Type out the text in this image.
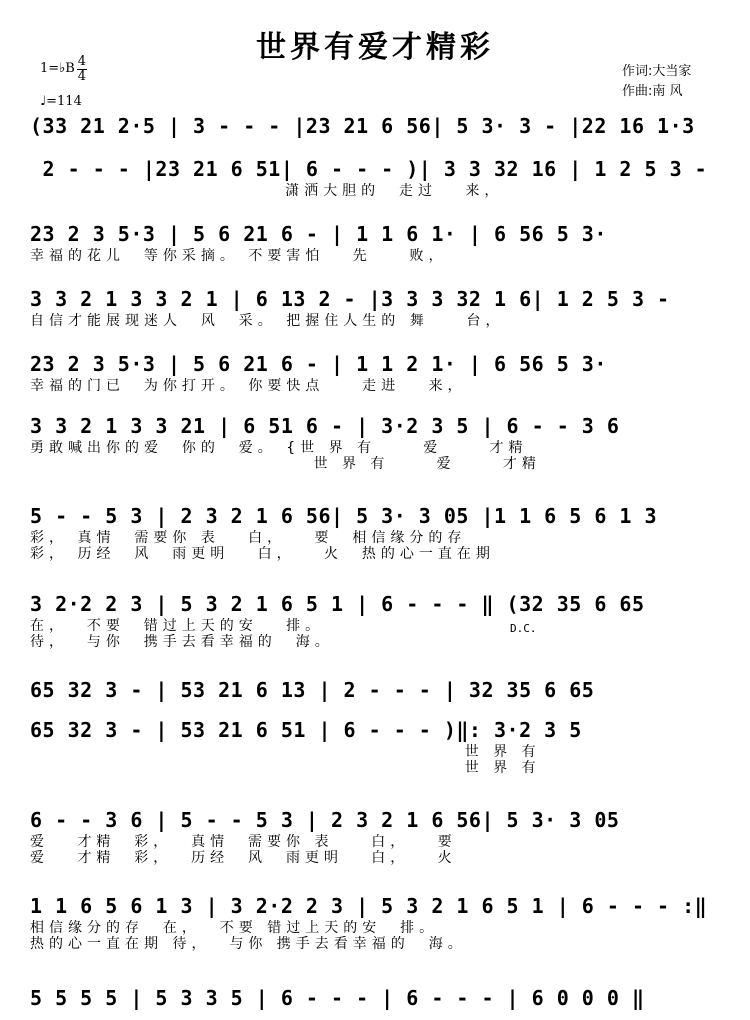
世界有爱才精彩
1=♭B 4
4
♩=114
作词:大当家
作曲:南 风
(33 21 2·5 | 3 - - - |23 21 6 56| 5 3· 3 - |22 16 1·3
2 - - - |23 21 6 51| 6 - - - )| 3 3 32 16 | 1 2 5 3 -
潇洒大胆的  走过   来，
23 2 3 5·3 | 5 6 21 6 - | 1 1 6 1· | 6 56 5 3·
幸福的花儿  等你采摘。 不要害怕   先    败，
3 3 2 1 3 3 2 1 | 6 13 2 - |3 3 3 32 1 6| 1 2 5 3 -
自信才能展现迷人  风  采。 把握住人生的 舞    台，
23 2 3 5·3 | 5 6 21 6 - | 1 1 2 1· | 6 56 5 3·
幸福的门已  为你打开。 你要快点    走进   来，
3 3 2 1 3 3 21 | 6 51 6 - | 3·2 3 5 | 6 - - 3 6
勇敢喊出你的爱  你的  爱。 {世 界 有     爱     才精
世 界 有     爱     才精
5 - - 5 3 | 2 3 2 1 6 56| 5 3· 3 05 |1 1 6 5 6 1 3
彩， 真情  需要你 表   白，   要  相信缘分的存
彩， 历经  风  雨更明   白，   火  热的心一直在期
3 2·2 2 3 | 5 3 2 1 6 5 1 | 6 - - - ‖ (32 35 6 65
在，  不要  错过上天的安   排。
待，  与你  携手去看幸福的  海。
D.C.
65 32 3 - | 53 21 6 13 | 2 - - - | 32 35 6 65
65 32 3 - | 53 21 6 51 | 6 - - - )‖: 3·2 3 5
世 界 有
世 界 有
6 - - 3 6 | 5 - - 5 3 | 2 3 2 1 6 56| 5 3· 3 05
爱   才精  彩，  真情  需要你 表    白，   要
爱   才精  彩，  历经  风  雨更明   白，   火
1 1 6 5 6 1 3 | 3 2·2 2 3 | 5 3 2 1 6 5 1 | 6 - - - :‖
相信缘分的存  在，  不要 错过上天的安  排。
热的心一直在期 待，  与你 携手去看幸福的  海。
5 5 5 5 | 5 3 3 5 | 6 - - - | 6 - - - | 6 0 0 0 ‖
